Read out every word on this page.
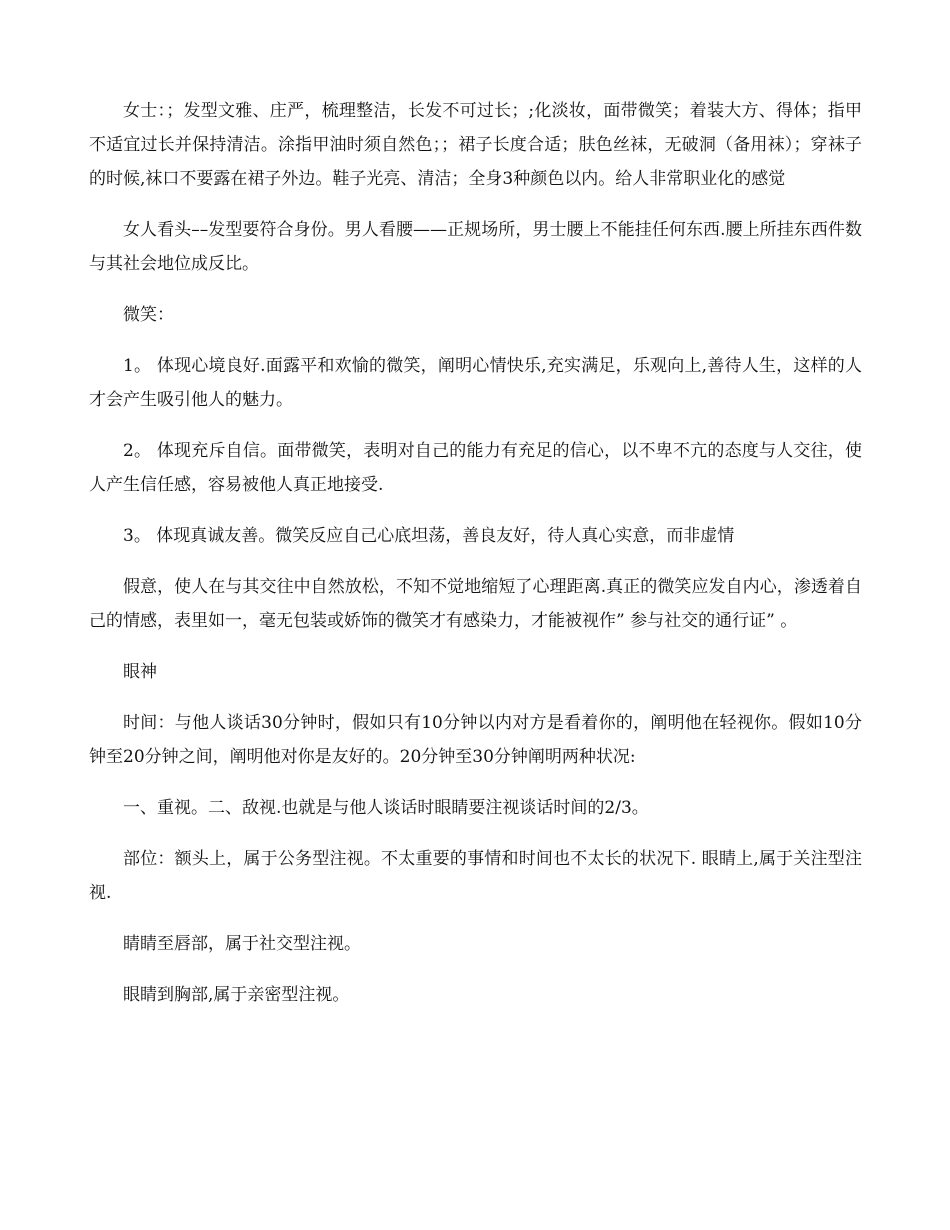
女士：；发型文雅、庄严，梳理整洁，长发不可过长；;化淡妆，面带微笑；着装大方、得体；指甲不适宜过长并保持清洁。涂指甲油时须自然色；；裙子长度合适；肤色丝袜，无破洞（备用袜）；穿袜子的时候,袜口不要露在裙子外边。鞋子光亮、清洁；全身3种颜色以内。给人非常职业化的感觉

女人看头––发型要符合身份。男人看腰——正规场所，男士腰上不能挂任何东西.腰上所挂东西件数与其社会地位成反比。

微笑：

1。 体现心境良好.面露平和欢愉的微笑，阐明心情快乐,充实满足，乐观向上,善待人生，这样的人才会产生吸引他人的魅力。

2。 体现充斥自信。面带微笑，表明对自己的能力有充足的信心，以不卑不亢的态度与人交往，使人产生信任感，容易被他人真正地接受.

3。 体现真诚友善。微笑反应自己心底坦荡，善良友好，待人真心实意，而非虚情

假意，使人在与其交往中自然放松，不知不觉地缩短了心理距离.真正的微笑应发自内心，渗透着自己的情感，表里如一，毫无包装或娇饰的微笑才有感染力，才能被视作” 参与社交的通行证” 。

眼神

时间：与他人谈话30分钟时，假如只有10分钟以内对方是看着你的，阐明他在轻视你。假如10分钟至20分钟之间，阐明他对你是友好的。20分钟至30分钟阐明两种状况:

一、重视。二、敌视.也就是与他人谈话时眼睛要注视谈话时间的2/3。

部位：额头上，属于公务型注视。不太重要的事情和时间也不太长的状况下. 眼睛上,属于关注型注视.

睛睛至唇部，属于社交型注视。

眼睛到胸部,属于亲密型注视。
